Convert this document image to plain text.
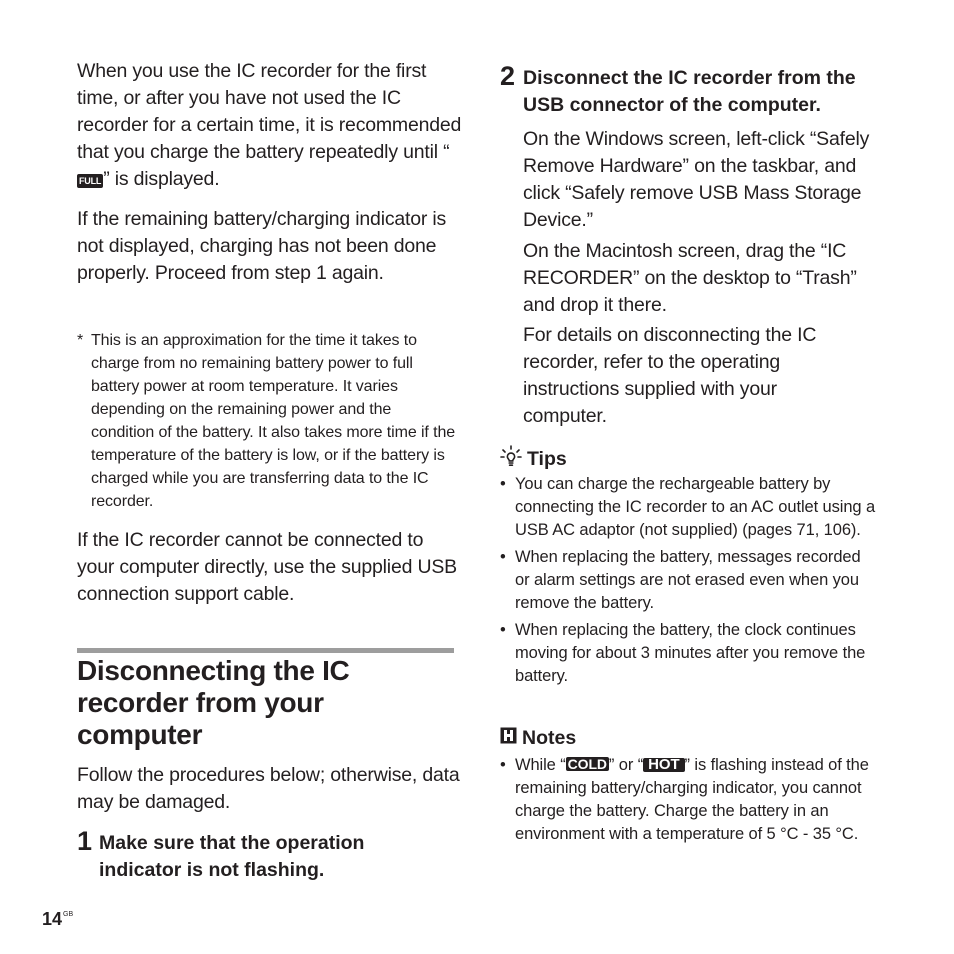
When you use the IC recorder for the first time, or after you have not used the IC recorder for a certain time, it is recommended that you charge the battery repeatedly until “FULL ” is displayed.

If the remaining battery/charging indicator is not displayed, charging has not been done properly. Proceed from step 1 again.

* This is an approximation for the time it takes to charge from no remaining battery power to full battery power at room temperature. It varies depending on the remaining power and the condition of the battery. It also takes more time if the temperature of the battery is low, or if the battery is charged while you are transferring data to the IC recorder.

If the IC recorder cannot be connected to your computer directly, use the supplied USB connection support cable.

Disconnecting the IC recorder from your computer

Follow the procedures below; otherwise, data may be damaged.

1 Make sure that the operation indicator is not flashing.
$14^{GB}$
2 Disconnect the IC recorder from the USB connector of the computer.

On the Windows screen, left-click “Safely Remove Hardware” on the taskbar, and click “Safely remove USB Mass Storage Device.”

On the Macintosh screen, drag the “IC RECORDER” on the desktop to “Trash” and drop it there.

For details on disconnecting the IC recorder, refer to the operating instructions supplied with your computer.

Tips
• You can charge the rechargeable battery by connecting the IC recorder to an AC outlet using a USB AC adaptor (not supplied) (pages 71, 106).
• When replacing the battery, messages recorded or alarm settings are not erased even when you remove the battery.
• When replacing the battery, the clock continues moving for about 3 minutes after you remove the battery.
Notes
• While “ COLD ” or “ HOT ” is flashing instead of the remaining battery/charging indicator, you cannot charge the battery. Charge the battery in an environment with a temperature of 5 °C - 35 °C.
